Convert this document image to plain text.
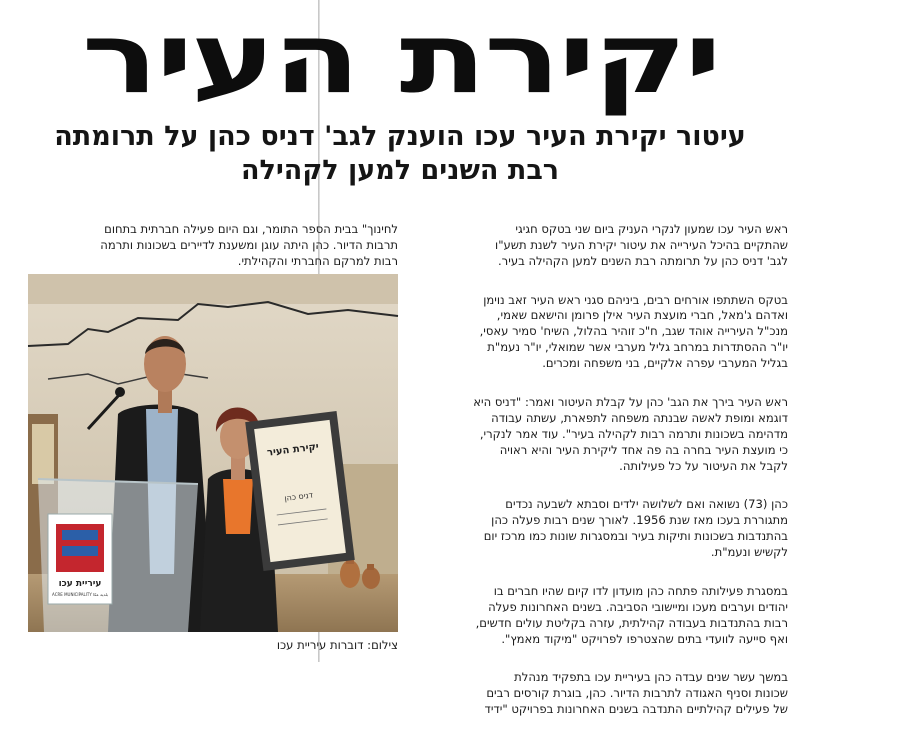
יקירת העיר
עיטור יקירת העיר עכו הוענק לגב' דניס כהן על תרומתה
רבת השנים למען לקהילה

ראש העיר עכו שמעון לנקרי העניק ביום שני בטקס חגיגי
שהתקיים בהיכל העירייה את עיטור יקירת העיר לשנת תשע"ו
לגב' דניס כהן על תרומתה רבת השנים למען הקהילה בעיר.

בטקס השתתפו אורחים רבים, ביניהם סגני ראש העיר זאב נוימן
ואדהם ג'מאל, חברי מועצת העיר אילן פרומן והישאם שאמי,
מנכ"ל העירייה אוהד שגב, ח"כ זוהיר בהלול, השיח' סמיר עאסי,
יו"ר ההסתדרות במרחב גליל מערבי אשר שמואלי, יו"ר נעמ"ת
בגליל המערבי עפרה אלקיים, בני משפחה ומכרים.

ראש העיר בירך את הגב' כהן על קבלת העיטור ואמר: "דניס היא
דוגמא ומופת לאשה שבנתה משפחה לתפארת, עשתה עבודה
מדהימה בשכונות ותרמה רבות לקהילה בעיר". עוד אמר לנקרי,
כי מועצת העיר בחרה בה פה אחד ליקירת העיר והיא ראויה
לקבל את העיטור על כל פעילותה.

כהן (73) נשואה ואם לשלושה ילדים וסבתא לשבעה נכדים
מתגוררת בעכו מאז שנת 1956. לאורך שנים רבות פעלה כהן
בהתנדבות בשכונות ותיקות בעיר ובמסגרות שונות כמו מרכז יום
לקשיש ונעמ"ת.

במסגרת פעילותה פתחה כהן מועדון לדו קיום שהיו חברים בו
יהודים וערבים מעכו ומיישובי הסביבה. בשנים האחרונות פעלה
רבות בהתנדבות בעבודה קהילתית, עזרה בקליטת עולים חדשים,
ואף סייעה לוועדי בתים שהצטרפו לפרויקט "מיקוד מאמץ".

במשך עשר שנים עבדה כהן בעיריית עכו בתפקיד מנהלת
שכונות וסניף האגודה לתרבות הדיור. כהן, בוגרת קורסים רבים
של פעילים קהילתיים התנדבה בשנים האחרונות בפרויקט "ידיד

לחינוך" בבית הספר התומר, וגם היום פעילה חברתית בתחום
תרבות הדיור. כהן היתה עוגן ומשענת לדיירים בשכונות ותרמה
רבות למרקם החברתי והקהילתי.

יקירת העיר
דניס כהן
עיריית עכו
ACRE MUNICIPALITY بلدية عكا
צילום: דוברות עיריית עכו
